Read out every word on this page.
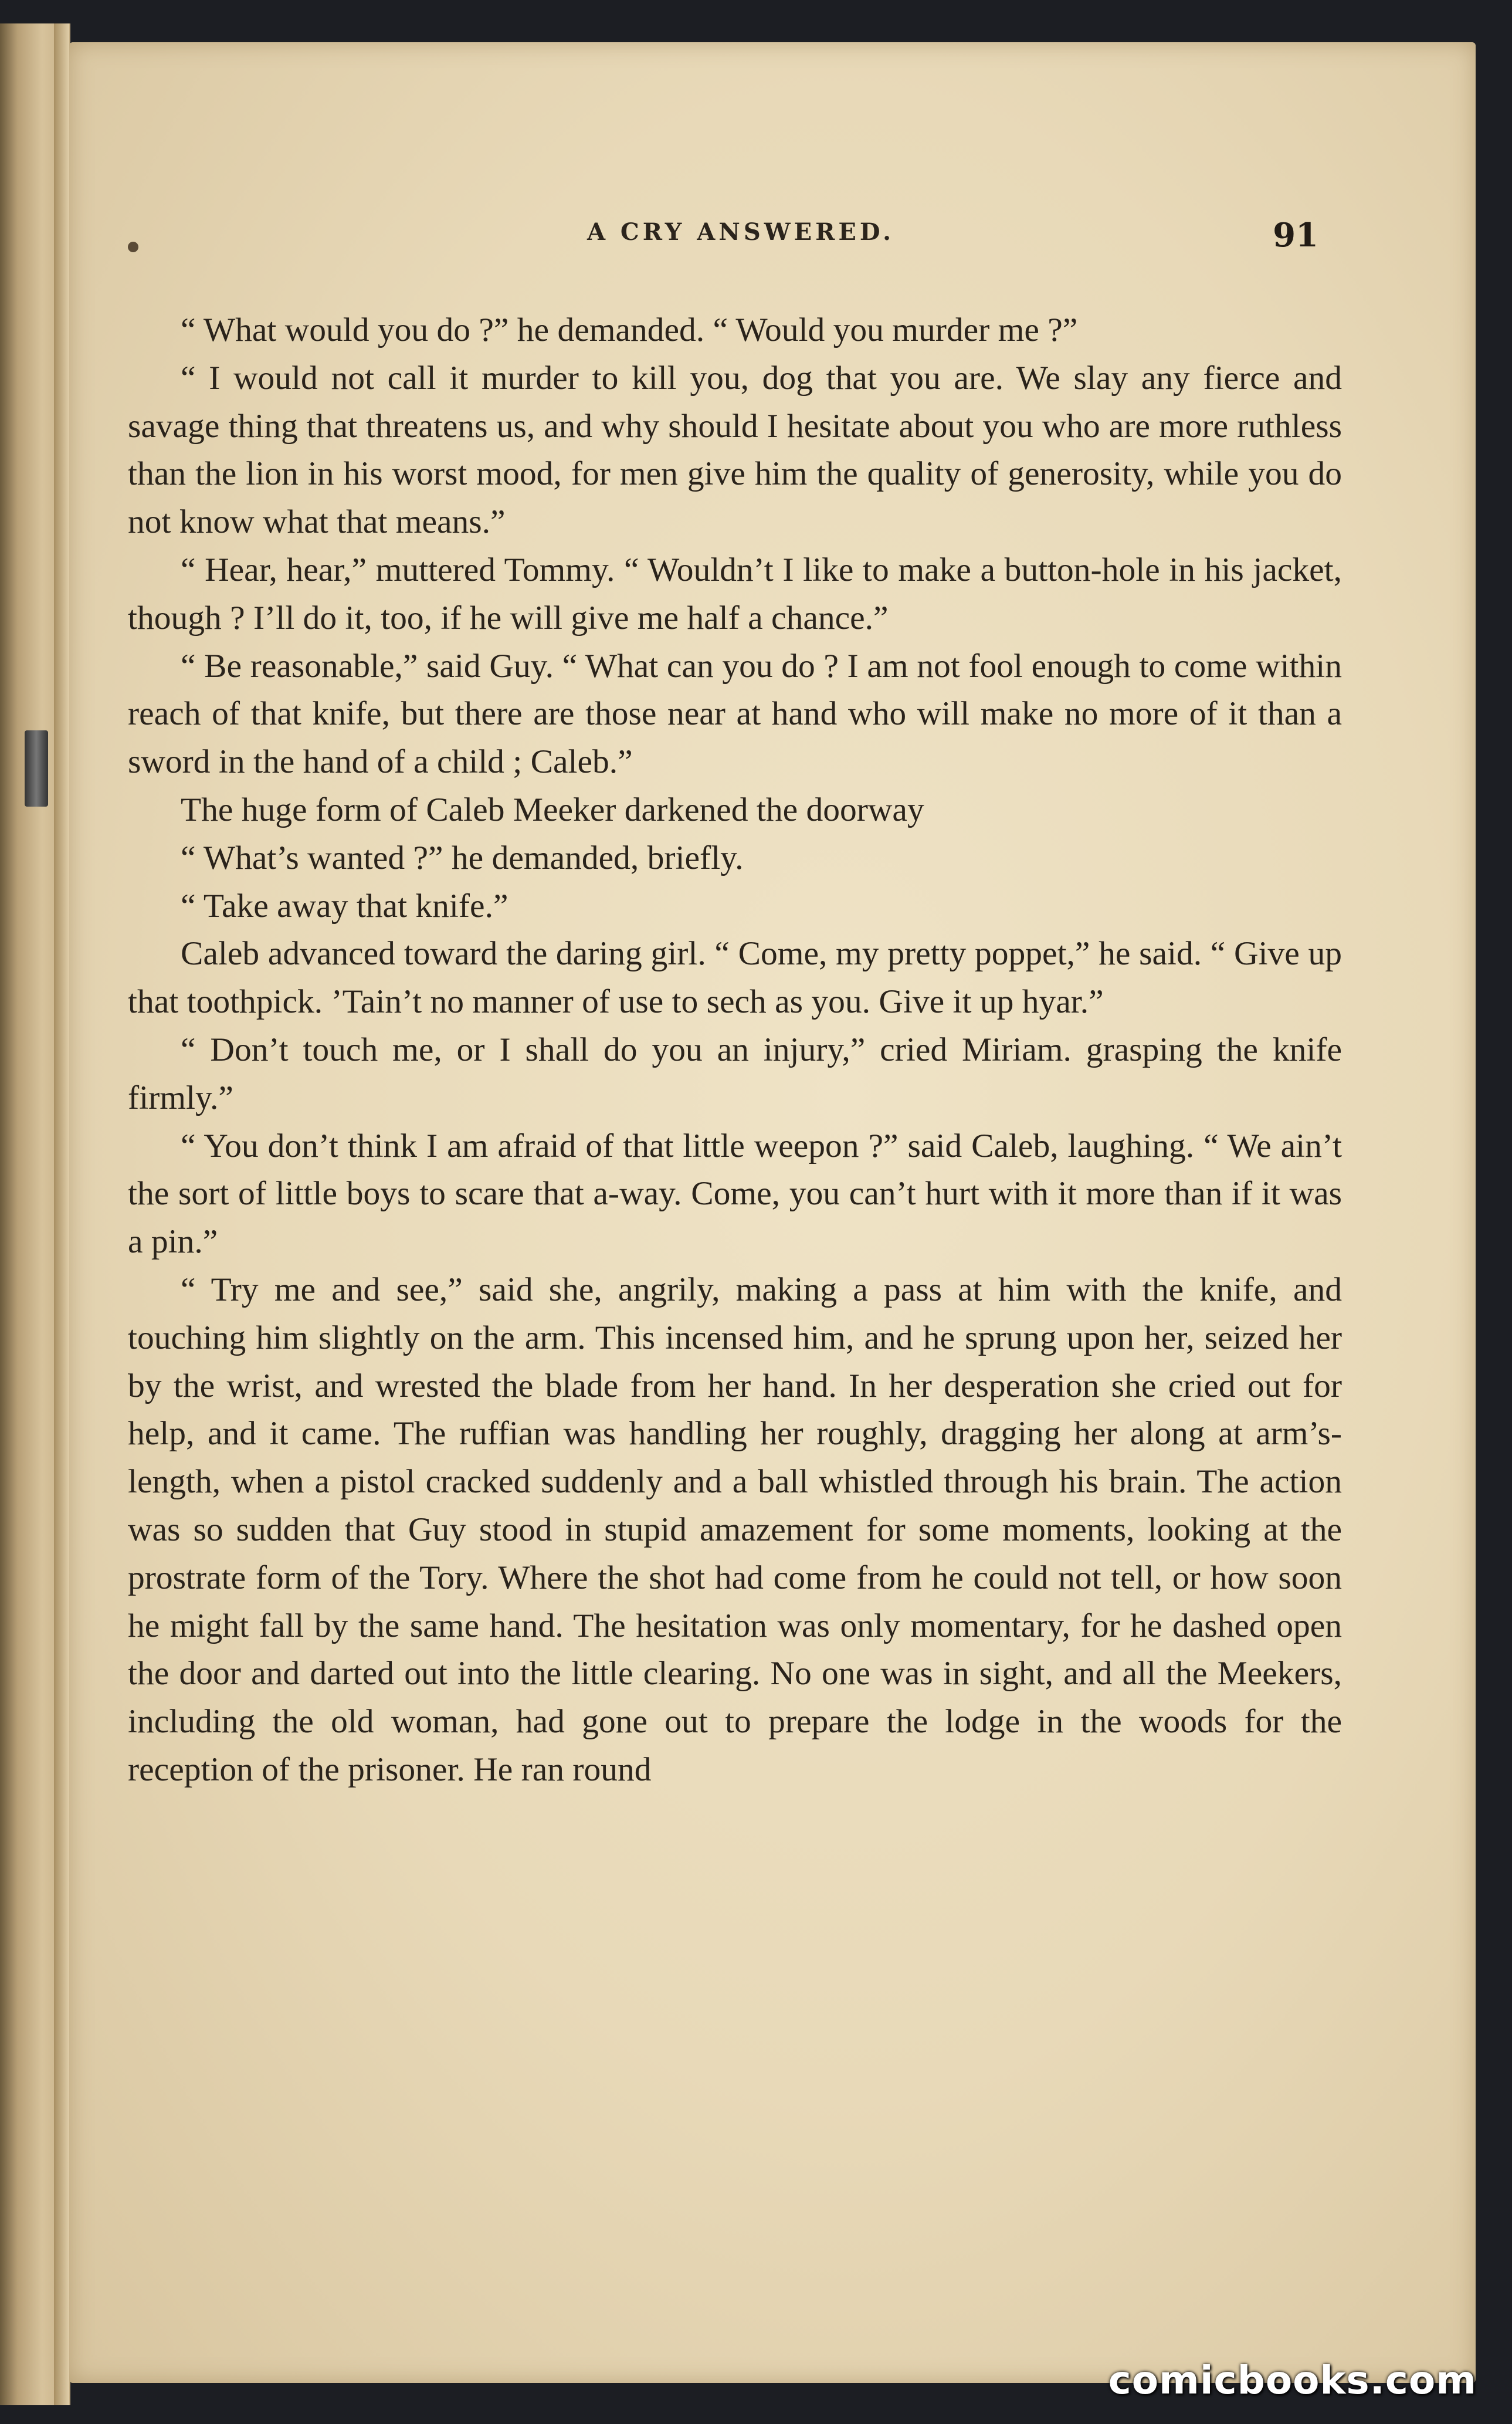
A CRY ANSWERED.	91

“ What would you do ?” he demanded. “ Would you murder me ?”

“ I would not call it murder to kill you, dog that you are. We slay any fierce and savage thing that threatens us, and why should I hesitate about you who are more ruthless than the lion in his worst mood, for men give him the quality of generosity, while you do not know what that means.”

“ Hear, hear,” muttered Tommy. “ Wouldn’t I like to make a button-hole in his jacket, though ? I’ll do it, too, if he will give me half a chance.”

“ Be reasonable,” said Guy. “ What can you do ? I am not fool enough to come within reach of that knife, but there are those near at hand who will make no more of it than a sword in the hand of a child ; Caleb.”

The huge form of Caleb Meeker darkened the doorway

“ What’s wanted ?” he demanded, briefly.

“ Take away that knife.”

Caleb advanced toward the daring girl. “ Come, my pretty poppet,” he said. “ Give up that toothpick. ’Tain’t no manner of use to sech as you. Give it up hyar.”

“ Don’t touch me, or I shall do you an injury,” cried Miriam. grasping the knife firmly.”

“ You don’t think I am afraid of that little weepon ?” said Caleb, laughing. “ We ain’t the sort of little boys to scare that a-way. Come, you can’t hurt with it more than if it was a pin.”

“ Try me and see,” said she, angrily, making a pass at him with the knife, and touching him slightly on the arm. This incensed him, and he sprung upon her, seized her by the wrist, and wrested the blade from her hand. In her desperation she cried out for help, and it came. The ruffian was handling her roughly, dragging her along at arm’s-length, when a pistol cracked suddenly and a ball whistled through his brain. The action was so sudden that Guy stood in stupid amazement for some moments, looking at the prostrate form of the Tory. Where the shot had come from he could not tell, or how soon he might fall by the same hand. The hesitation was only momentary, for he dashed open the door and darted out into the little clearing. No one was in sight, and all the Meekers, including the old woman, had gone out to prepare the lodge in the woods for the reception of the prisoner. He ran round

comicbooks.com
